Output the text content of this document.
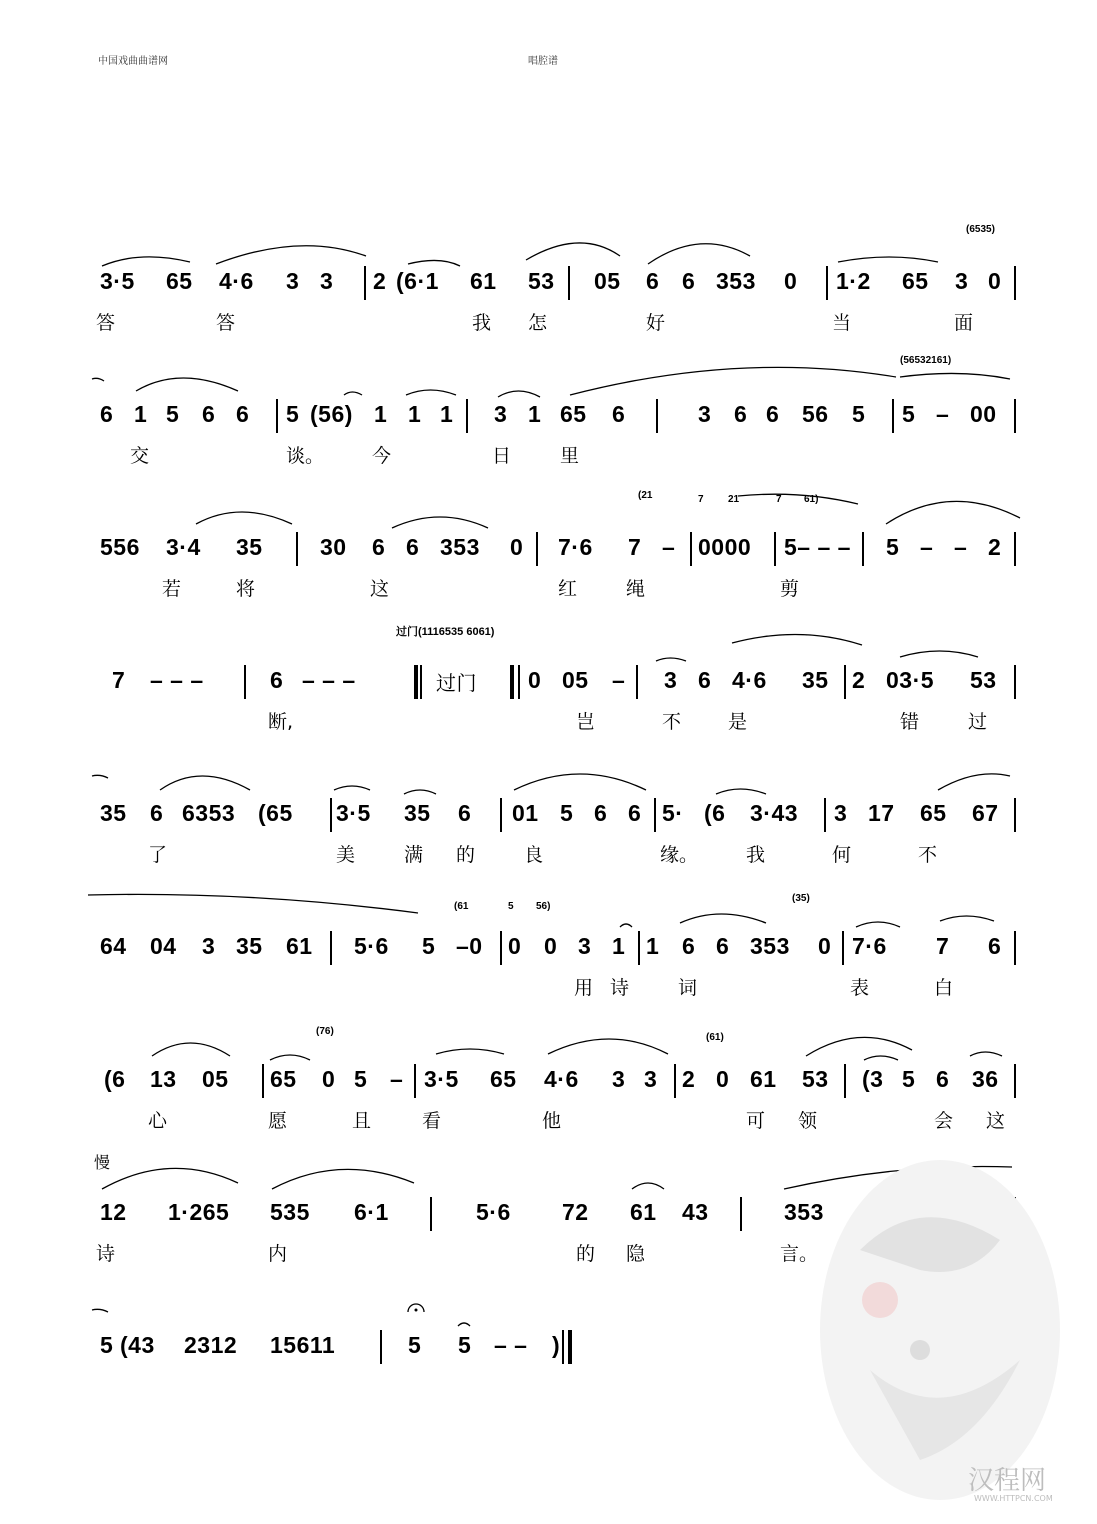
中国戏曲曲谱网	唱腔谱
(6535)
3·5 65 4·6 3 3 2 (6·1 61 53 05 6 6 353 0 1·2 65 3 0
答	答	我 怎	好	当	面
(56532161)
6 1 5 6 6 5 (56) 1 1 1 3 1 65 6	3 6 6 56 5 5 – 00
交	谈。	今	日	里
(21	7 21	7 61)
556 3·4 35 30 6 6 353 0 7·6 7 – 0000 5– – – 5 – – 2
若	将	这	红	绳	剪
过门(1116535 6061)
7 – – –	6 – – –	过门 0 05 – 3 6 4·6 35 2 03·5 53
断,	岂	不 是	错	过
35 6 6353 (65 3·5 35 6 01 5 6 6 5· (6 3·43 3 17 65 67
了	美	满 的	良	缘。	我	何	不
(61	5 56)
(35)
64 04 3 35 61 5·6 5 –0 0 0 3 1 1 6 6 353 0 7·6 7 6
用 诗	词	表	白
(76)
(61)
(6 13 05 65 0 5 – 3·5 65 4·6 3 3 2 0 61 53 (3 5 6 36
心	愿	且	看	他	可 领	会 这
慢
12 1·265 535 6·1	5·6 72 61 43	353
诗	内	的 隐	言。
5 (43 2312 15611	5 5 – – )
汉程网
WWW.HTTPCN.COM
